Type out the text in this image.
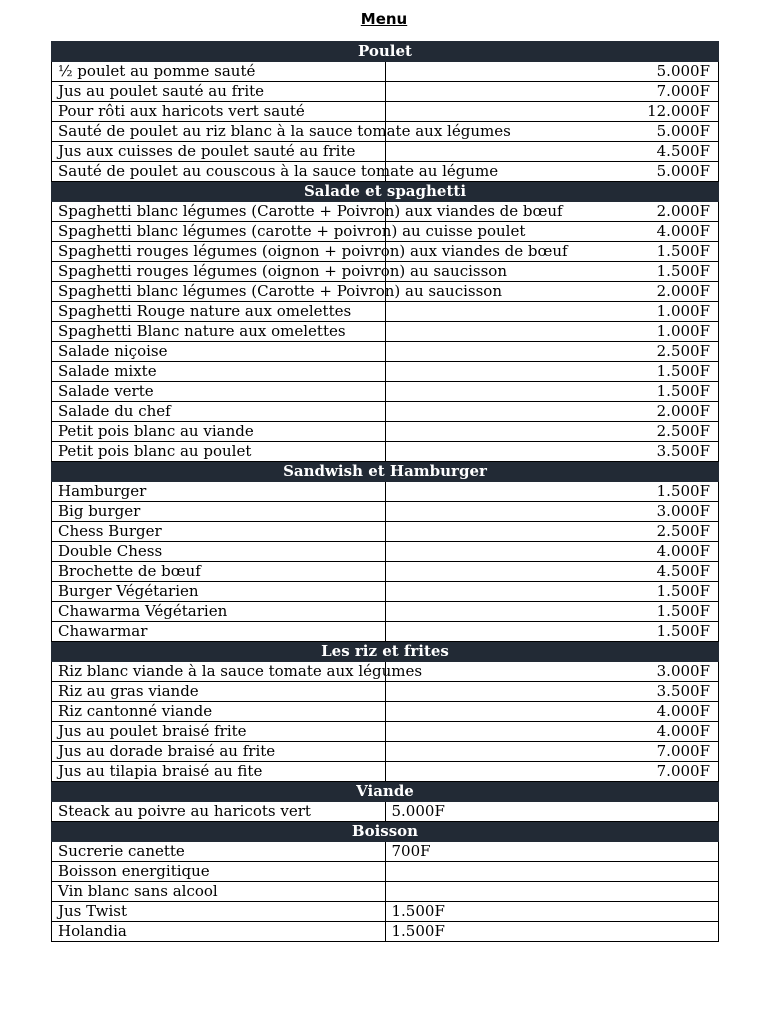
Menu
Poulet	
½ poulet au pomme sauté	5.000F
Jus au poulet sauté au frite	7.000F
Pour rôti aux haricots vert sauté	12.000F
Sauté de poulet au riz blanc à la sauce tomate aux légumes	5.000F
Jus aux cuisses de poulet sauté au frite	4.500F
Sauté de poulet au couscous à la sauce tomate au légume	5.000F
Salade et spaghetti	
Spaghetti blanc légumes (Carotte + Poivron) aux viandes de bœuf	2.000F
Spaghetti blanc légumes (carotte + poivron) au cuisse poulet	4.000F
Spaghetti rouges légumes (oignon + poivron) aux viandes de bœuf	1.500F
Spaghetti rouges légumes (oignon + poivron) au saucisson	1.500F
Spaghetti blanc légumes (Carotte + Poivron) au saucisson	2.000F
Spaghetti Rouge nature aux omelettes	1.000F
Spaghetti Blanc nature aux omelettes	1.000F
Salade niçoise	2.500F
Salade mixte	1.500F
Salade verte	1.500F
Salade du chef	2.000F
Petit pois blanc au viande	2.500F
Petit pois blanc au poulet	3.500F
Sandwish et Hamburger	
Hamburger	1.500F
Big burger	3.000F
Chess Burger	2.500F
Double Chess	4.000F
Brochette de bœuf	4.500F
Burger Végétarien	1.500F
Chawarma Végétarien	1.500F
Chawarmar	1.500F
Les riz et frites	
Riz blanc viande à la sauce tomate aux légumes	3.000F
Riz au gras viande	3.500F
Riz cantonné viande	4.000F
Jus au poulet braisé frite	4.000F
Jus au dorade braisé au frite	7.000F
Jus au tilapia braisé au fite	7.000F
Viande	
Steack au poivre au haricots vert	5.000F
Boisson	
Sucrerie canette	700F
Boisson energitique	
Vin blanc sans alcool	
Jus Twist	1.500F
Holandia	1.500F
